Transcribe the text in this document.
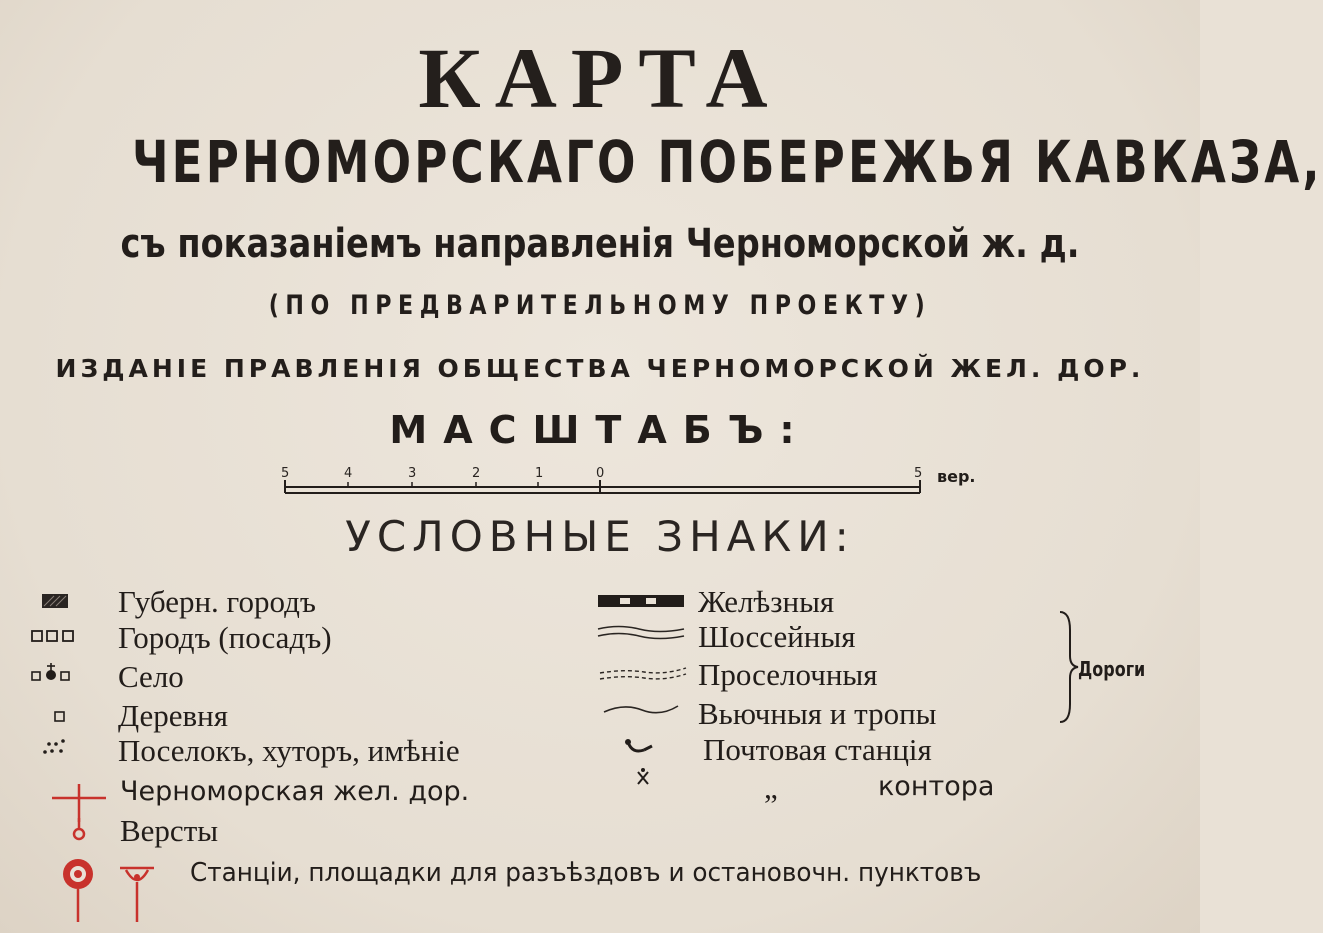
КАРТА
ЧЕРНОМОРСКАГО ПОБЕРЕЖЬЯ КАВКАЗА,
съ показаніемъ направленія Черноморской ж. д.
(ПО ПРЕДВАРИТЕЛЬНОМУ ПРОЕКТУ)
ИЗДАНІЕ ПРАВЛЕНІЯ ОБЩЕСТВА ЧЕРНОМОРСКОЙ ЖЕЛ. ДОР.
МАСШТАБЪ:
5	4	3	2	1	0	5 вер.
УСЛОВНЫЕ ЗНАКИ:
Губерн. городъ
Городъ (посадъ)
Село
Деревня
Поселокъ, хуторъ, имѣніе
Черноморская жел. дор.
Версты
Станціи, площадки для разъѣздовъ и остановочн. пунктовъ
Желѣзныя
Шоссейныя
Проселочныя
Вьючныя и тропы
Почтовая станція
„	контора
Дороги
